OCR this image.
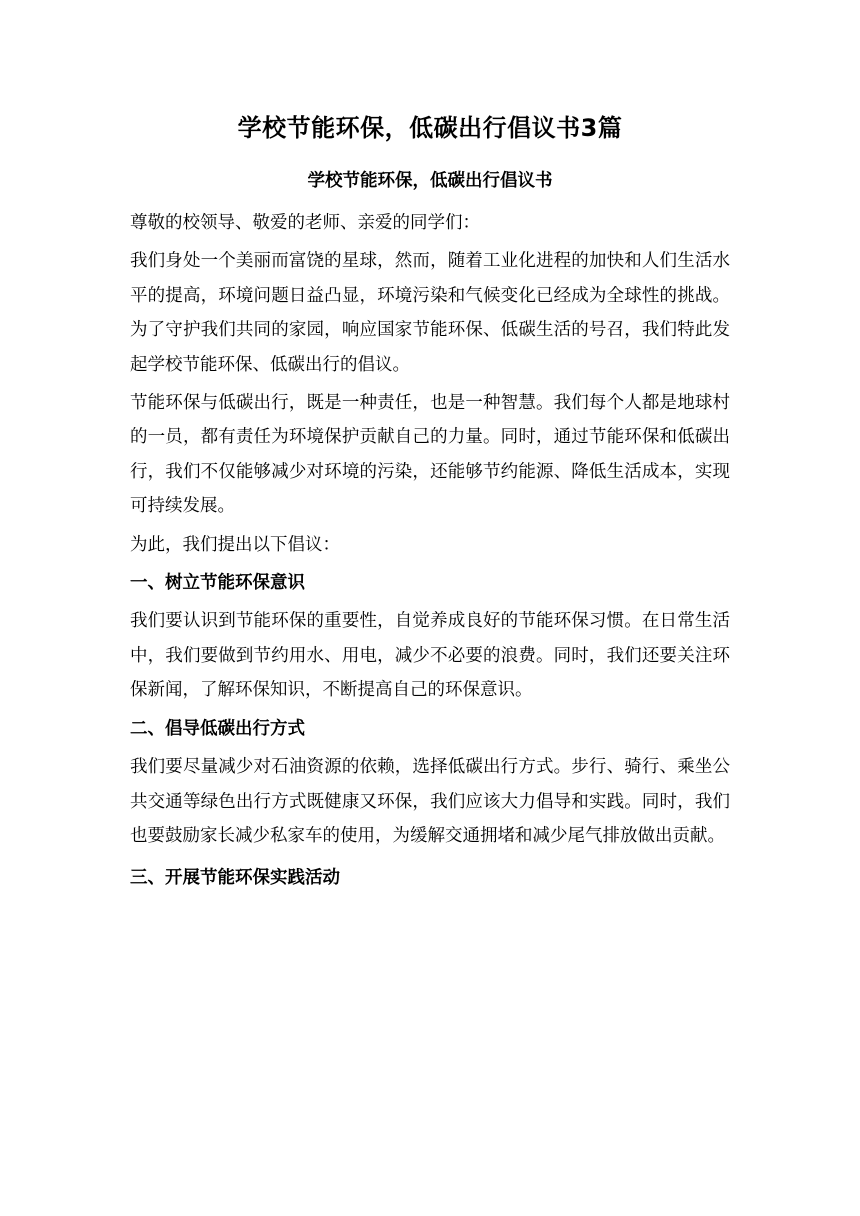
学校节能环保，低碳出行倡议书3篇
学校节能环保，低碳出行倡议书

尊敬的校领导、敬爱的老师、亲爱的同学们：

我们身处一个美丽而富饶的星球，然而，随着工业化进程的加快和人们生活水平的提高，环境问题日益凸显，环境污染和气候变化已经成为全球性的挑战。为了守护我们共同的家园，响应国家节能环保、低碳生活的号召，我们特此发起学校节能环保、低碳出行的倡议。

节能环保与低碳出行，既是一种责任，也是一种智慧。我们每个人都是地球村的一员，都有责任为环境保护贡献自己的力量。同时，通过节能环保和低碳出行，我们不仅能够减少对环境的污染，还能够节约能源、降低生活成本，实现可持续发展。

为此，我们提出以下倡议：

一、树立节能环保意识

我们要认识到节能环保的重要性，自觉养成良好的节能环保习惯。在日常生活中，我们要做到节约用水、用电，减少不必要的浪费。同时，我们还要关注环保新闻，了解环保知识，不断提高自己的环保意识。

二、倡导低碳出行方式

我们要尽量减少对石油资源的依赖，选择低碳出行方式。步行、骑行、乘坐公共交通等绿色出行方式既健康又环保，我们应该大力倡导和实践。同时，我们也要鼓励家长减少私家车的使用，为缓解交通拥堵和减少尾气排放做出贡献。

三、开展节能环保实践活动
